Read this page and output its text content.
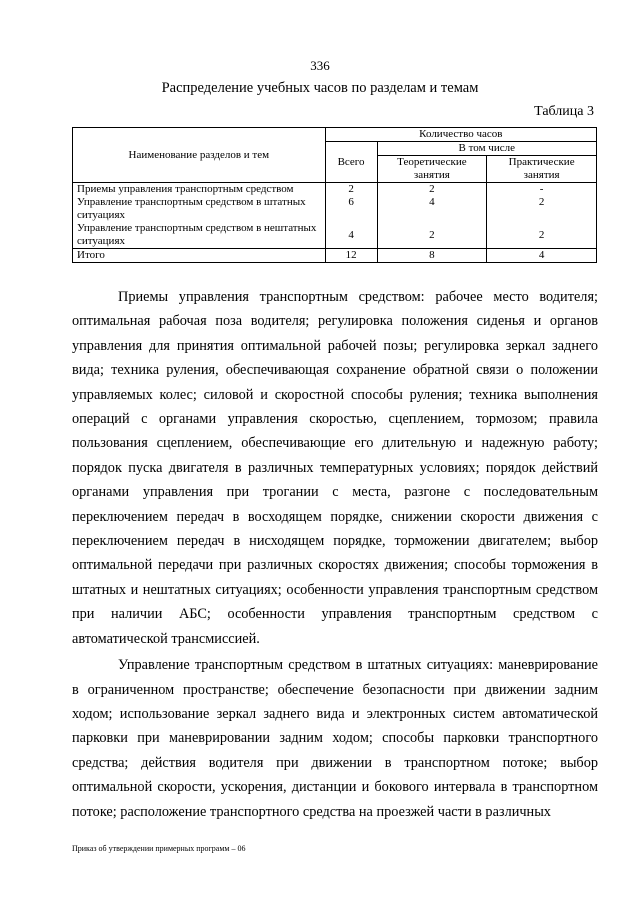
336
Распределение учебных часов по разделам и темам
Таблица 3
Наименование разделов и тем	Количество часов		
	Всего	В том числе	
		Теоретические занятия	Практические занятия
Приемы управления транспортным средством	2	2	-
Управление транспортным средством в штатных ситуациях	6	4	2
Управление транспортным средством в нештатных ситуациях	4	2	2
Итого	12	8	4

Приемы управления транспортным средством: рабочее место водителя; оптимальная рабочая поза водителя; регулировка положения сиденья и органов управления для принятия оптимальной рабочей позы; регулировка зеркал заднего вида; техника руления, обеспечивающая сохранение обратной связи о положении управляемых колес; силовой и скоростной способы руления; техника выполнения операций с органами управления скоростью, сцеплением, тормозом; правила пользования сцеплением, обеспечивающие его длительную и надежную работу; порядок пуска двигателя в различных температурных условиях; порядок действий органами управления при трогании с места, разгоне с последовательным переключением передач в восходящем порядке, снижении скорости движения с переключением передач в нисходящем порядке, торможении двигателем; выбор оптимальной передачи при различных скоростях движения; способы торможения в штатных и нештатных ситуациях; особенности управления транспортным средством при наличии АБС; особенности управления транспортным средством с автоматической трансмиссией.

Управление транспортным средством в штатных ситуациях: маневрирование в ограниченном пространстве; обеспечение безопасности при движении задним ходом; использование зеркал заднего вида и электронных систем автоматической парковки при маневрировании задним ходом; способы парковки транспортного средства; действия водителя при движении в транспортном потоке; выбор оптимальной скорости, ускорения, дистанции и бокового интервала в транспортном потоке; расположение транспортного средства на проезжей части в различных

Приказ об утверждении примерных программ – 06
